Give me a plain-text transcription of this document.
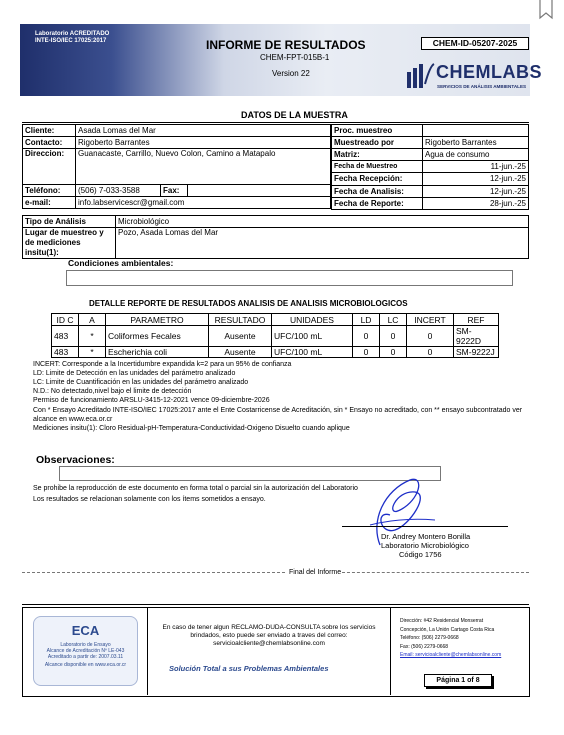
Laboratorio ACREDITADO
INTE-ISO/IEC 17025:2017	INFORME DE RESULTADOS
CHEM-FPT-015B-1
Version 22
CHEM-ID-05207-2025
CHEMLABS
SERVICIOS DE ANÁLISIS AMBIENTALES
DATOS DE LA MUESTRA
Cliente:	Asada Lomas del Mar		
Contacto:	Rigoberto Barrantes		
Direccion:	Guanacaste, Carrillo, Nuevo Colon, Camino a Matapalo		
Teléfono:	(506) 7-033-3588	Fax:	
e-mail:	info.labservicescr@gmail.com		
Proc. muestreo	
Muestreado por	Rigoberto Barrantes
Matriz:	Agua de consumo
Fecha de Muestreo	11-jun.-25
Fecha Recepción:	12-jun.-25
Fecha de Analisis:	12-jun.-25
Fecha de Reporte:	28-jun.-25
Tipo de Análisis	Microbiológico
Lugar de muestreo y de mediciones insitu(1):	Pozo, Asada Lomas del Mar
Condiciones ambientales:
DETALLE REPORTE DE RESULTADOS ANALISIS DE ANALISIS MICROBIOLOGICOS
ID C	A	PARAMETRO	RESULTADO	UNIDADES	LD	LC	INCERT	REF
483	*	Coliformes Fecales	Ausente	UFC/100 mL	0	0	0	SM-9222D
483	*	Escherichia coli	Ausente	UFC/100 mL	0	0	0	SM-9222J
INCERT: Corresponde a la Incertidumbre expandida k=2 para un 95% de confianza
LD: Limite de Detección en las unidades del parámetro analizado
LC: Limite de Cuantificación en las unidades del parámetro analizado
N.D.: No detectado,nivel bajo el limite de detección
Permiso de funcionamiento ARSLU-3415-12-2021 vence 09-diciembre-2026
Con * Ensayo Acreditado INTE-ISO/IEC 17025:2017 ante el Ente Costarricense de Acreditación, sin * Ensayo no acreditado, con ** ensayo subcontratado ver alcance en www.eca.or.cr
Mediciones insitu(1): Cloro Residual-pH-Temperatura-Conductividad-Oxigeno Disuelto cuando aplique
Observaciones:
Se prohibe la reproducción de este documento en forma total o parcial sin la autorización del Laboratorio
Los resultados se relacionan solamente con los ítems sometidos a ensayo.
Dr. Andrey Montero Bonilla
Laboratorio Microbiológico
Código 1756
Final del Informe
ECA
Laboratorio de Ensayo
Alcance de Acreditación Nº LE-043
Acreditado a partir de: 2007.03.11
Alcance disponible en www.eca.or.cr
En caso de tener algun RECLAMO-DUDA-CONSULTA sobre los servicios brindados, esto puede ser enviado a traves del correo: servicioalcliente@chemlabsonline.com
Solución Total a sus Problemas Ambientales
Dirección: #42 Residencial Monserrat
Concepción, La Unión Cartago Costa Rica
Teléfono: (506) 2279-0668
Fax: (506) 2279-0668
Email: servicioalcliente@chemlabsonline.com
Página 1 of 8
